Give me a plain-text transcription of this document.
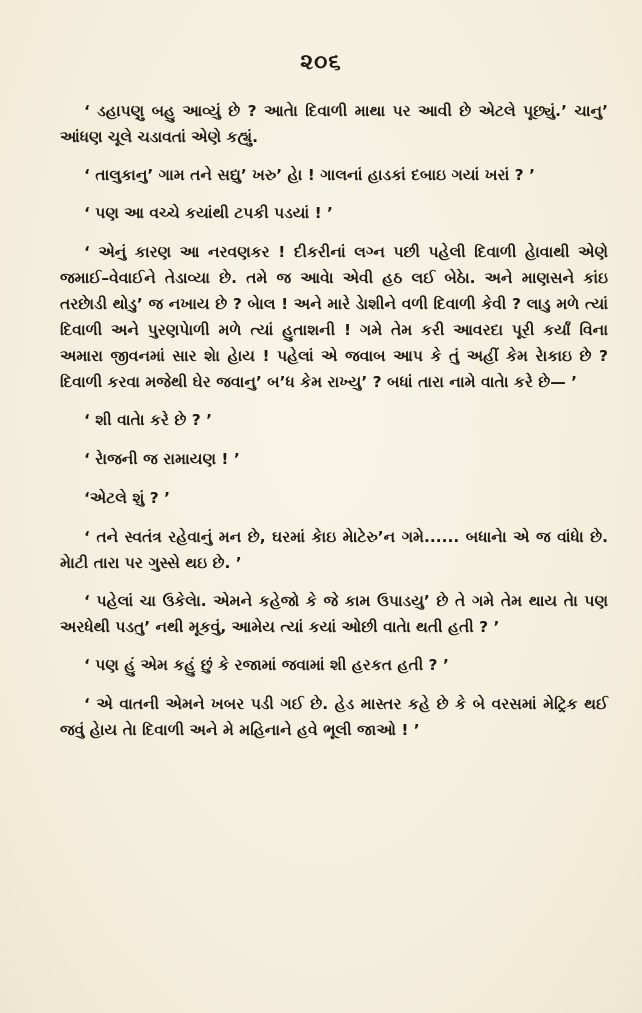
૨૦૬

‘ ડહાપણુ બહુ આવ્યું છે ? આતેા દિવાળી માથા પર આવી છે એટલે પૂછ્યું.’ ચાનુ’ આંધણ ચૂલે ચડાવતાં એણે કહ્યું.

‘ તાલુકાનુ’ ગામ તને સદ્યુ’ ખરુ’ હેા ! ગાલનાં હાડકાં દબાઇ ગયાં ખરાં ? ’

‘ પણ આ વચ્ચે કયાંથી ટપકી પડયાં ! ’

‘ એનું કારણ આ નરવણકર ! દીકરીનાં લગ્ન પછી પહેલી દિવાળી હેાવાથી એણે જમાઈ–વેવાઈને તેડાવ્યા છે. તમે જ આવેા એવી હઠ લઈ બેઠેા. અને માણસને કાંઇ તરછેાડી થોડુ’ જ નખાય છે ? બેાલ ! અને મારે ડેાશીને વળી દિવાળી કેવી ? લાડુ મળે ત્યાં દિવાળી અને પુરણપેાળી મળે ત્યાં હુતાશની ! ગમે તેમ કરી આવરદા પૂરી કર્યાં વિના અમારા જીવનમાં સાર શેા હેાય ! પહેલાં એ જવાબ આપ કે તું અહીં કેમ રેાકાઇ છે ? દિવાળી કરવા મજેથી ઘેર જવાનુ’ બ’ધ કેમ રાખ્યુ’ ? બધાં તારા નામે વાતેા કરે છે— ’

‘ શી વાતેા કરે છે ? ’

‘ રેાજની જ રામાયણ ! ’

‘એટલે શું ? ’

‘ તને સ્વતંત્ર રહેવાનું મન છે, ઘરમાં કેાઇ મેાટેરુ’ન ગમે...... બધાનેા એ જ વાંધેા છે. મેાટી તારા પર ગુસ્સે થઇ છે. ’

‘ પહેલાં ચા ઉકેલેા. એમને કહેજો કે જે કામ ઉપાડયુ’ છે તે ગમે તેમ થાય તેા પણ અરધેથી પડતુ’ નથી મૂકવું, આમેય ત્યાં કયાં ઓછી વાતેા થતી હતી ? ’

‘ પણ હું એમ કહું છું કે રજામાં જવામાં શી હરકત હતી ? ’

‘ એ વાતની એમને ખબર પડી ગઈ છે. હેડ માસ્તર કહે છે કે બે વરસમાં મેટ્રિક થઈ જવું હેાય તેા દિવાળી અને મે મહિનાને હવે ભૂલી જાઓ ! ’
